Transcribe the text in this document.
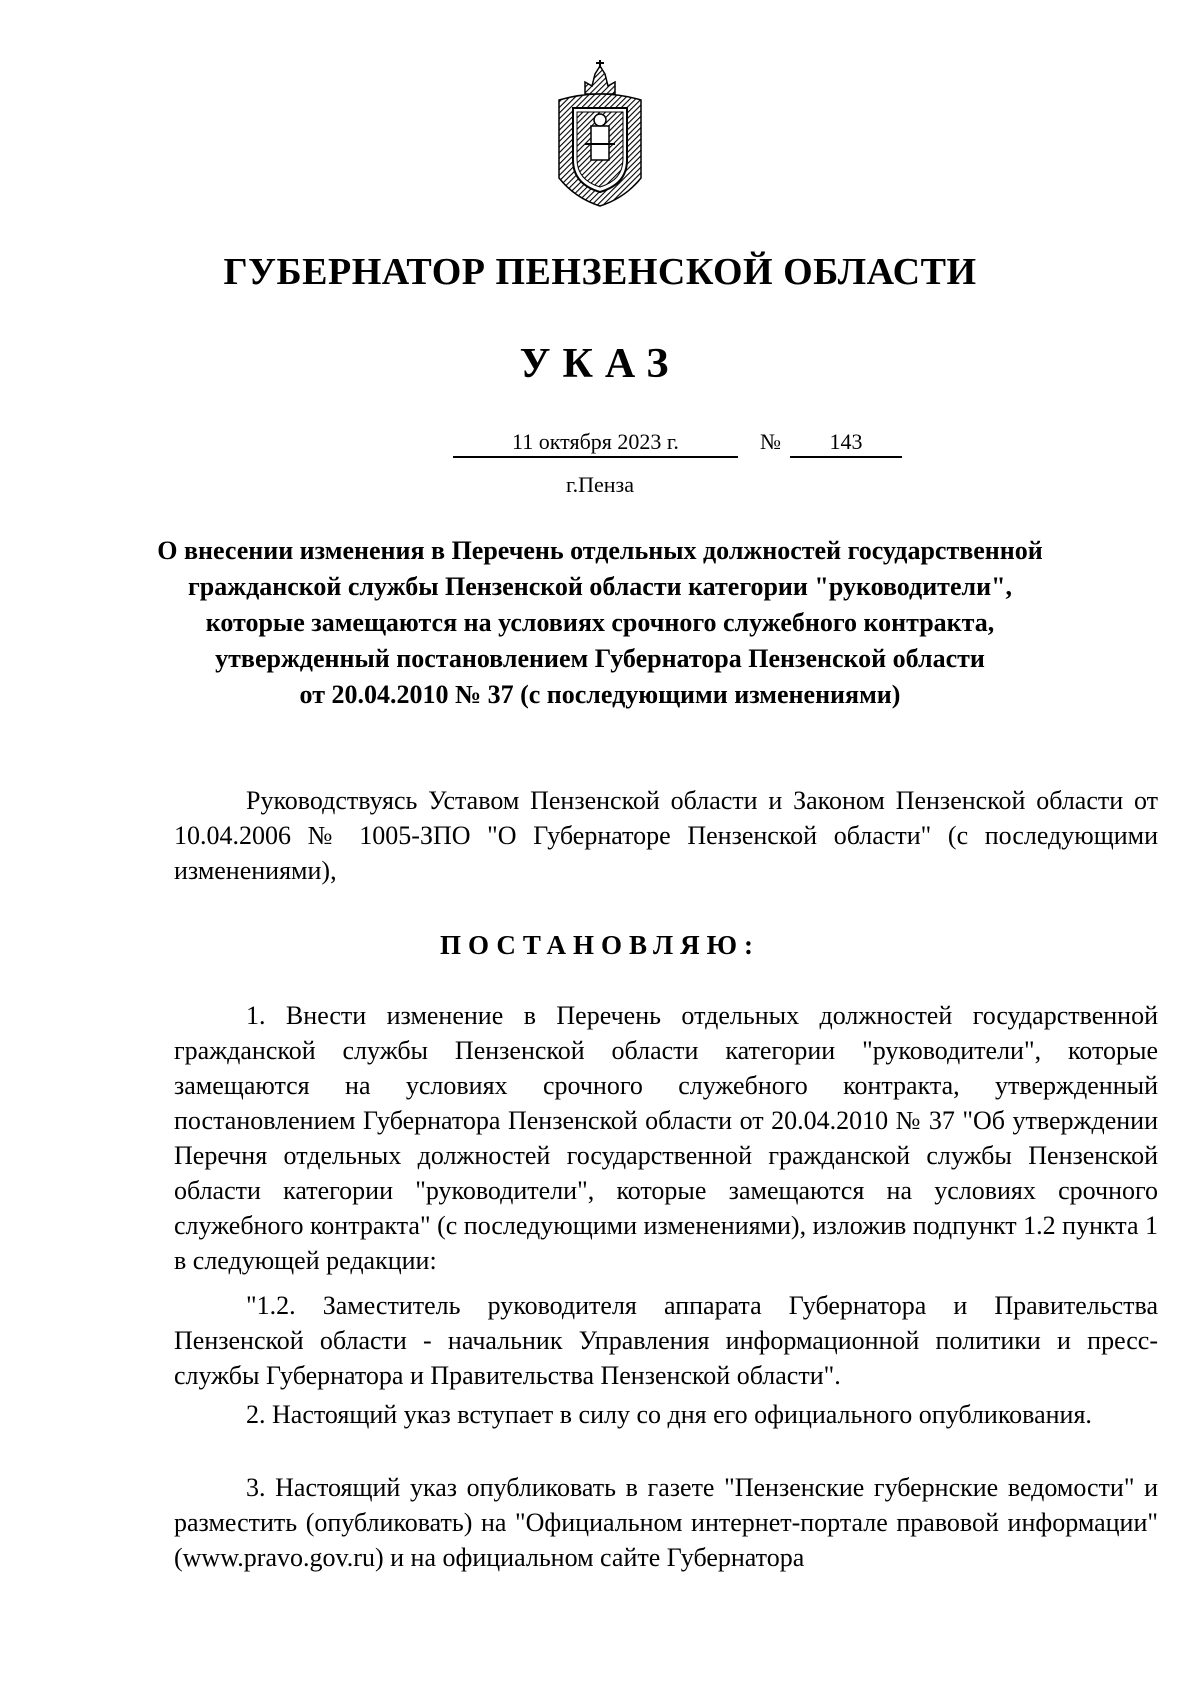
ГУБЕРНАТОР ПЕНЗЕНСКОЙ ОБЛАСТИ
УКАЗ
11 октября 2023 г.	№	143
г.Пенза
О внесении изменения в Перечень отдельных должностей государственной
гражданской службы Пензенской области категории "руководители",
которые замещаются на условиях срочного служебного контракта,
утвержденный постановлением Губернатора Пензенской области
от 20.04.2010 № 37 (с последующими изменениями)
Руководствуясь Уставом Пензенской области и Законом Пензенской области от 10.04.2006 № 1005-ЗПО "О Губернаторе Пензенской области" (с последующими изменениями),
ПОСТАНОВЛЯЮ:
1. Внести изменение в Перечень отдельных должностей государственной гражданской службы Пензенской области категории "руководители", которые замещаются на условиях срочного служебного контракта, утвержденный постановлением Губернатора Пензенской области от 20.04.2010 № 37 "Об утверждении Перечня отдельных должностей государственной гражданской службы Пензенской области категории "руководители", которые замещаются на условиях срочного служебного контракта" (с последующими изменениями), изложив подпункт 1.2 пункта 1 в следующей редакции:
"1.2. Заместитель руководителя аппарата Губернатора и Правительства Пензенской области - начальник Управления информационной политики и пресс-службы Губернатора и Правительства Пензенской области".
2. Настоящий указ вступает в силу со дня его официального опубликования.
3. Настоящий указ опубликовать в газете "Пензенские губернские ведомости" и разместить (опубликовать) на "Официальном интернет-портале правовой информации" (www.pravo.gov.ru) и на официальном сайте Губернатора
